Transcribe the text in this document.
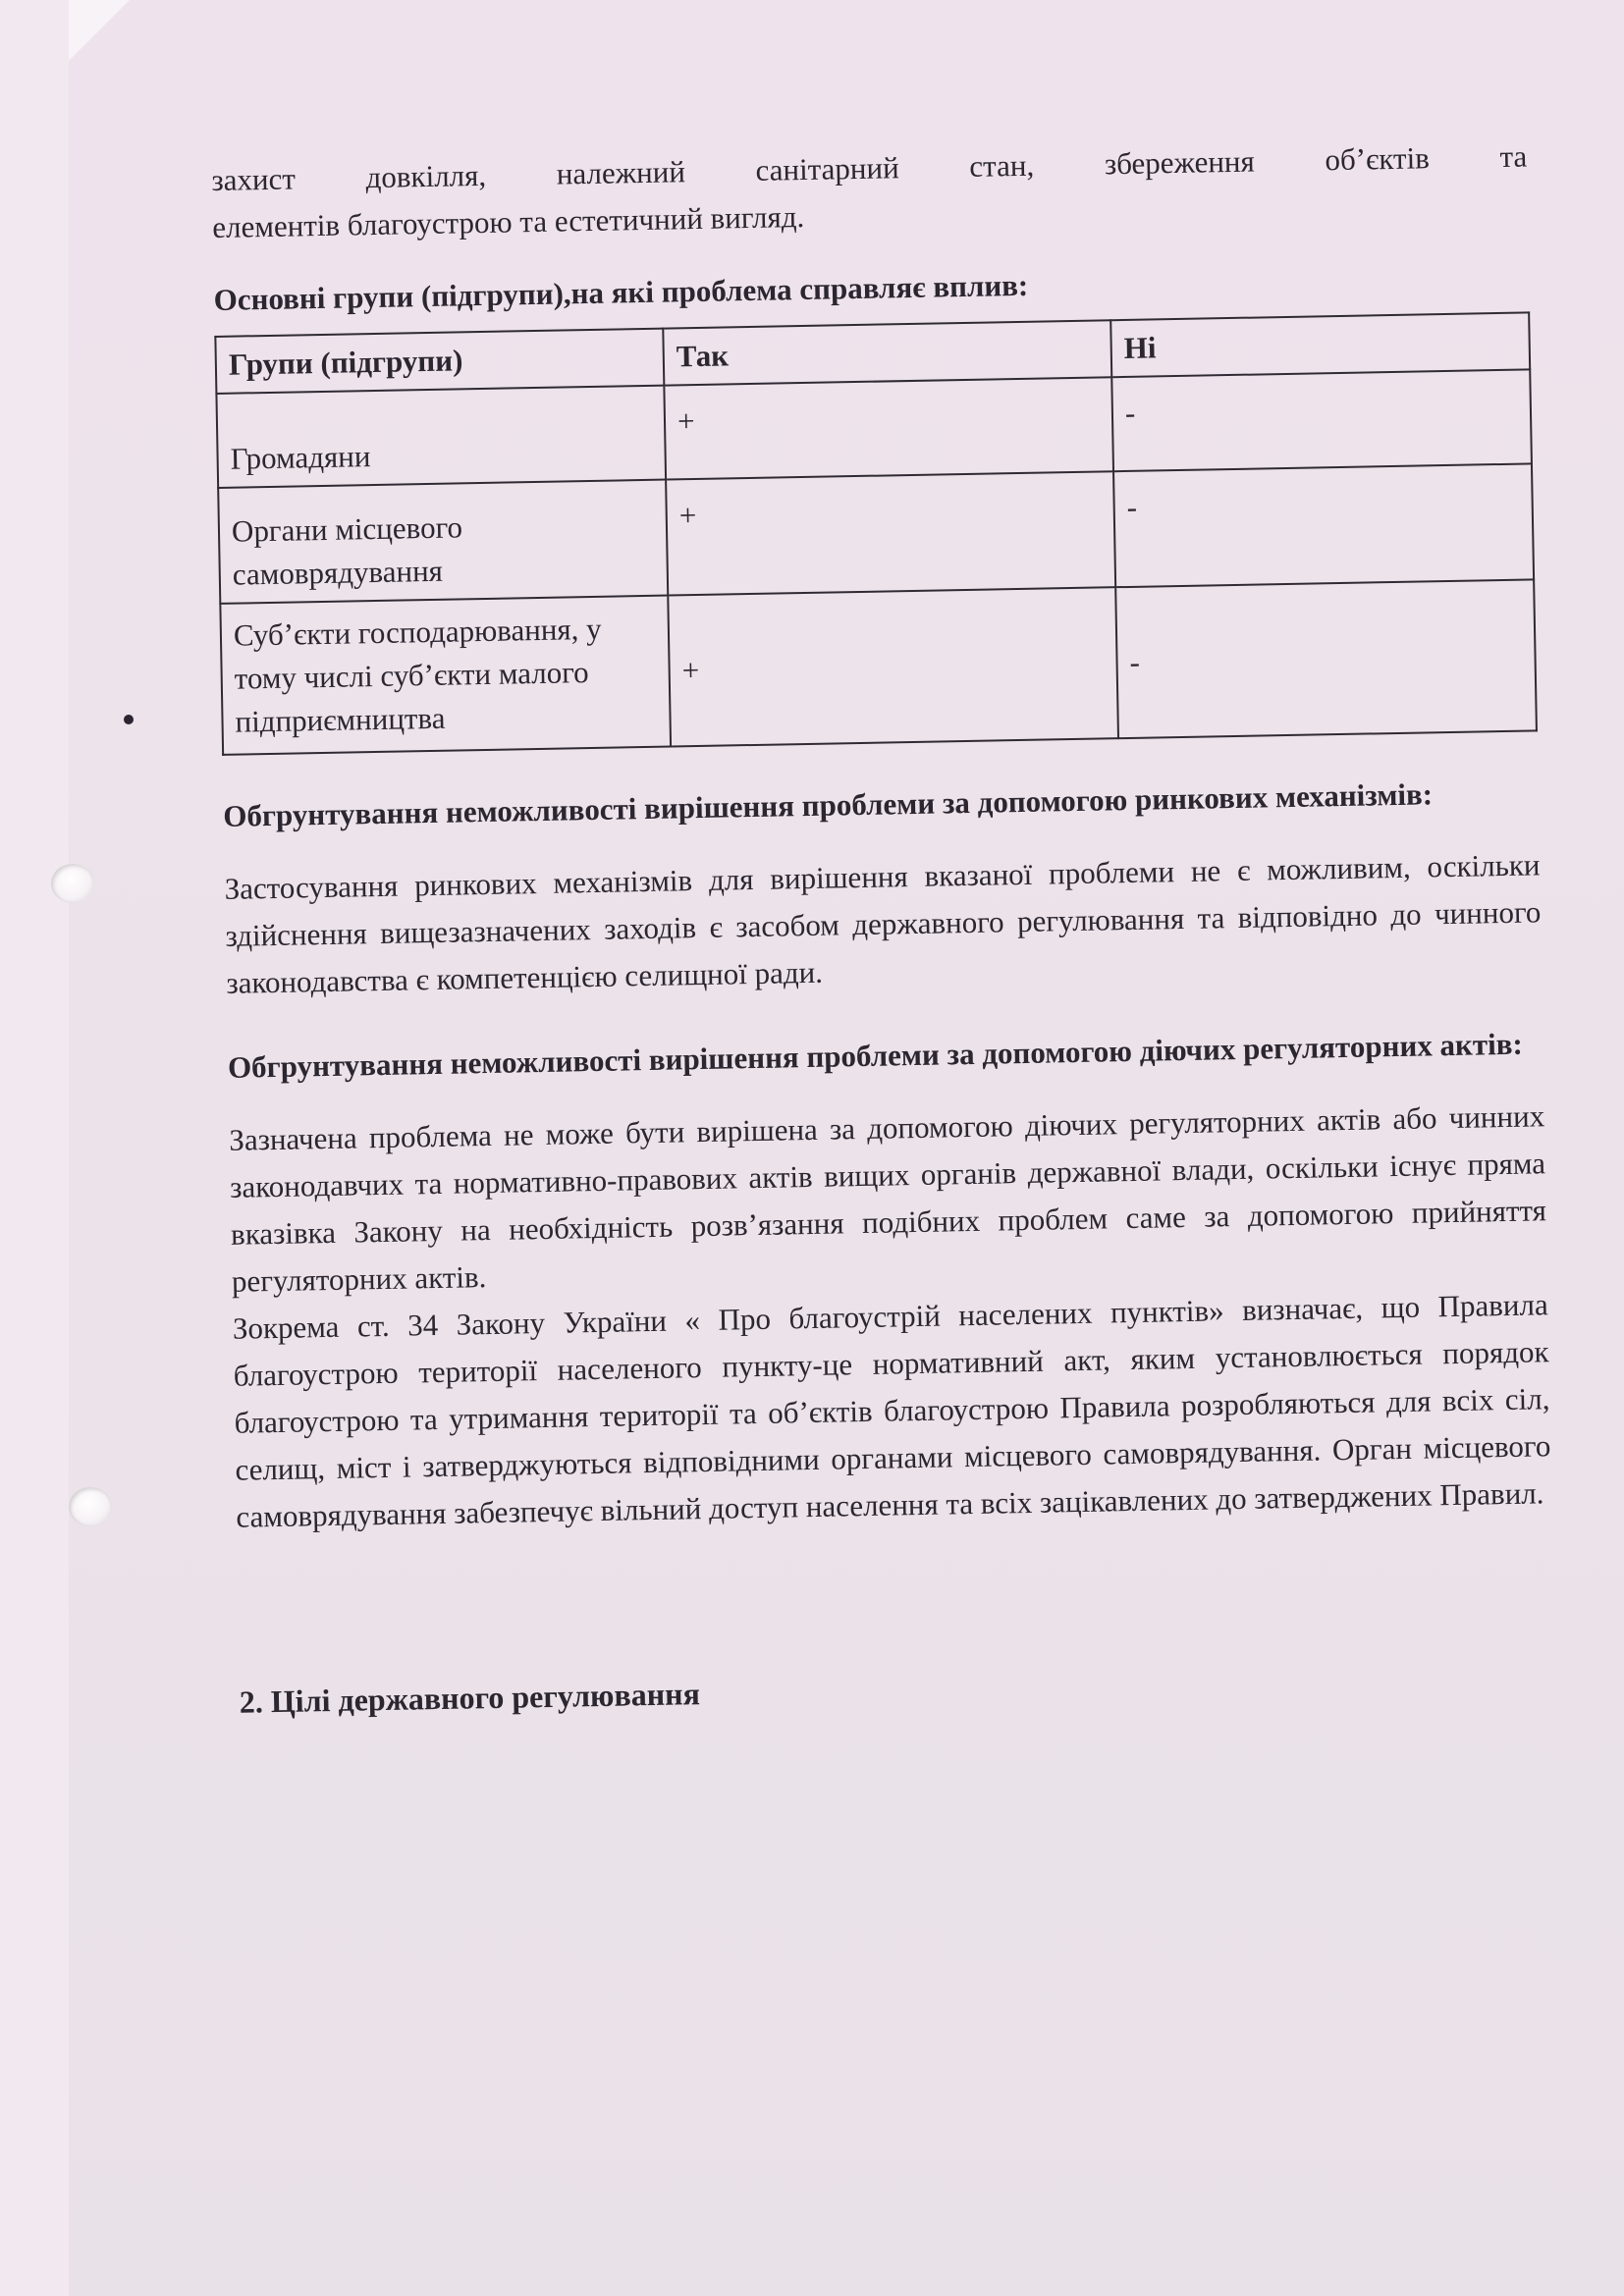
захист довкілля, належний санітарний стан, збереження об’єктів та

елементів благоустрою та естетичний вигляд.

Основні групи (підгрупи),на які проблема справляє вплив:

Групи (підгрупи)	Так	Ні
Громадяни	+	-
Органи місцевого самоврядування	+	-
Суб’єкти господарювання, у тому числі суб’єкти малого підприємництва	+	-

Обгрунтування неможливості вирішення проблеми за допомогою ринкових механізмів:

Застосування ринкових механізмів для вирішення вказаної проблеми не є можливим, оскільки здійснення вищезазначених заходів є засобом державного регулювання та відповідно до чинного законодавства є компетенцією селищної ради.

Обгрунтування неможливості вирішення проблеми за допомогою діючих регуляторних актів:

Зазначена проблема не може бути вирішена за допомогою діючих регуляторних актів або чинних законодавчих та нормативно-правових актів вищих органів державної влади, оскільки існує пряма вказівка Закону на необхідність розв’язання подібних проблем саме за допомогою прийняття регуляторних актів.

Зокрема ст. 34 Закону України « Про благоустрій населених пунктів» визначає, що Правила благоустрою території населеного пункту-це нормативний акт, яким установлюється порядок благоустрою та утримання території та об’єктів благоустрою Правила розробляються для всіх сіл, селищ, міст і затверджуються відповідними органами місцевого самоврядування. Орган місцевого самоврядування забезпечує вільний доступ населення та всіх зацікавлених до затверджених Правил.

2. Цілі державного регулювання
